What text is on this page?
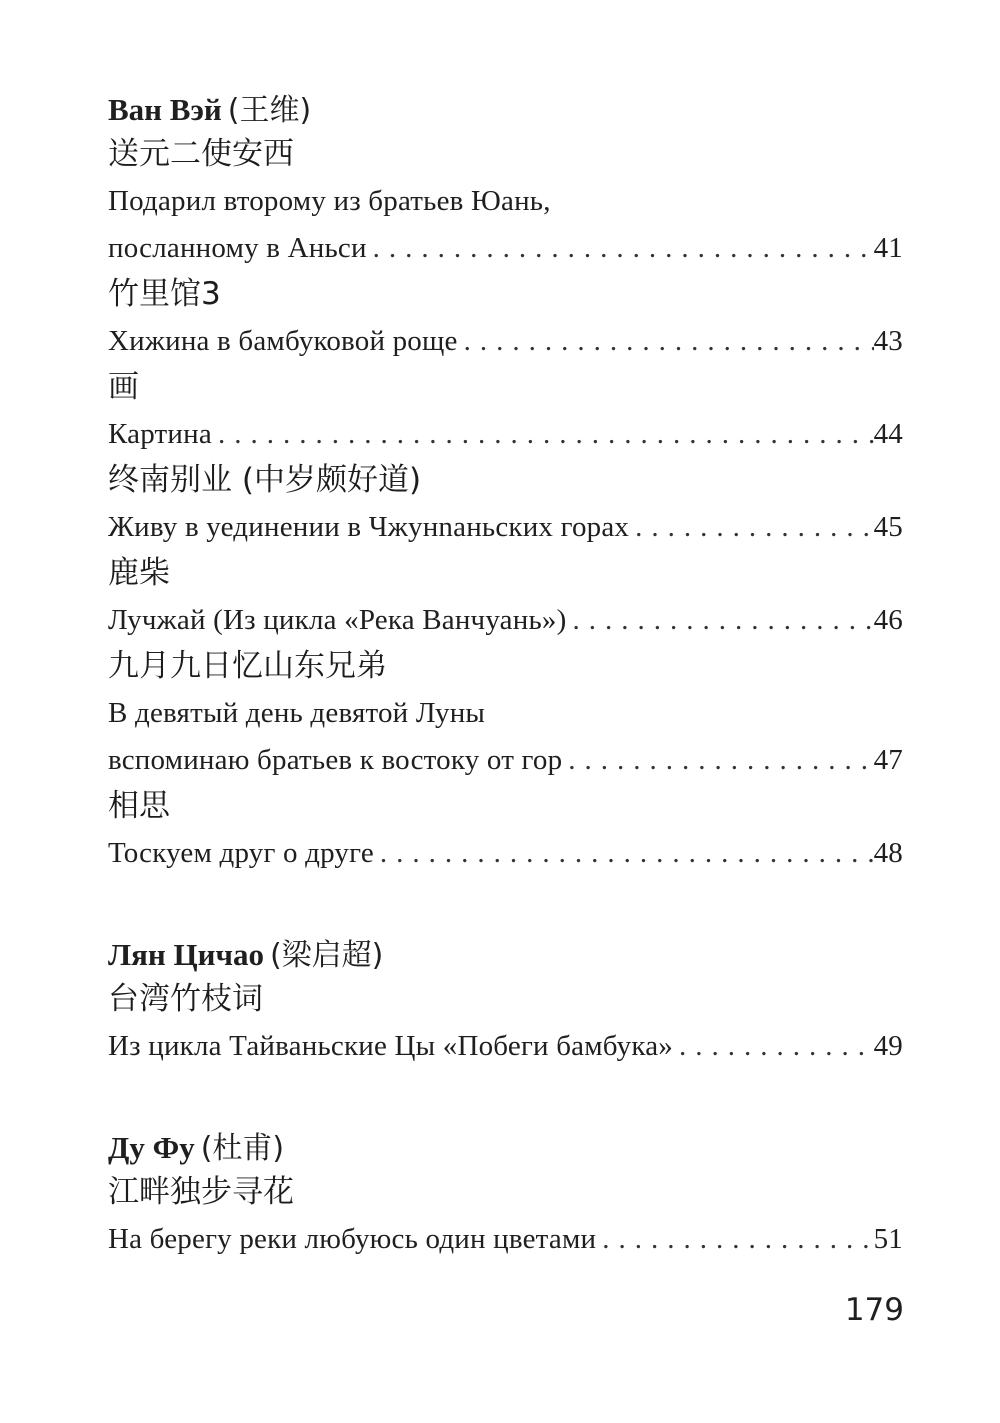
Ван Вэй (王维)
送元二使安西
Подарил второму из братьев Юань,
посланному в Аньси .....	41
竹里馆3
Хижина в бамбуковой роще .....	43
画
Картина .....	44
终南别业 (中岁颇好道)
Живу в уединении в Чжунnаньских горах .....	45
鹿柴
Лучжай (Из цикла «Река Ванчуань») .....	46
九月九日忆山东兄弟
В девятый день девятой Луны
вспоминаю братьев к востоку от гор .....	47
相思
Тоскуем друг о друге .....	48
Лян Цичао (梁启超)
台湾竹枝词
Из цикла Тайваньские Цы «Побеги бамбука» .....	49
Ду Фу (杜甫)
江畔独步寻花
На берегу реки любуюсь один цветами .....	51
179
